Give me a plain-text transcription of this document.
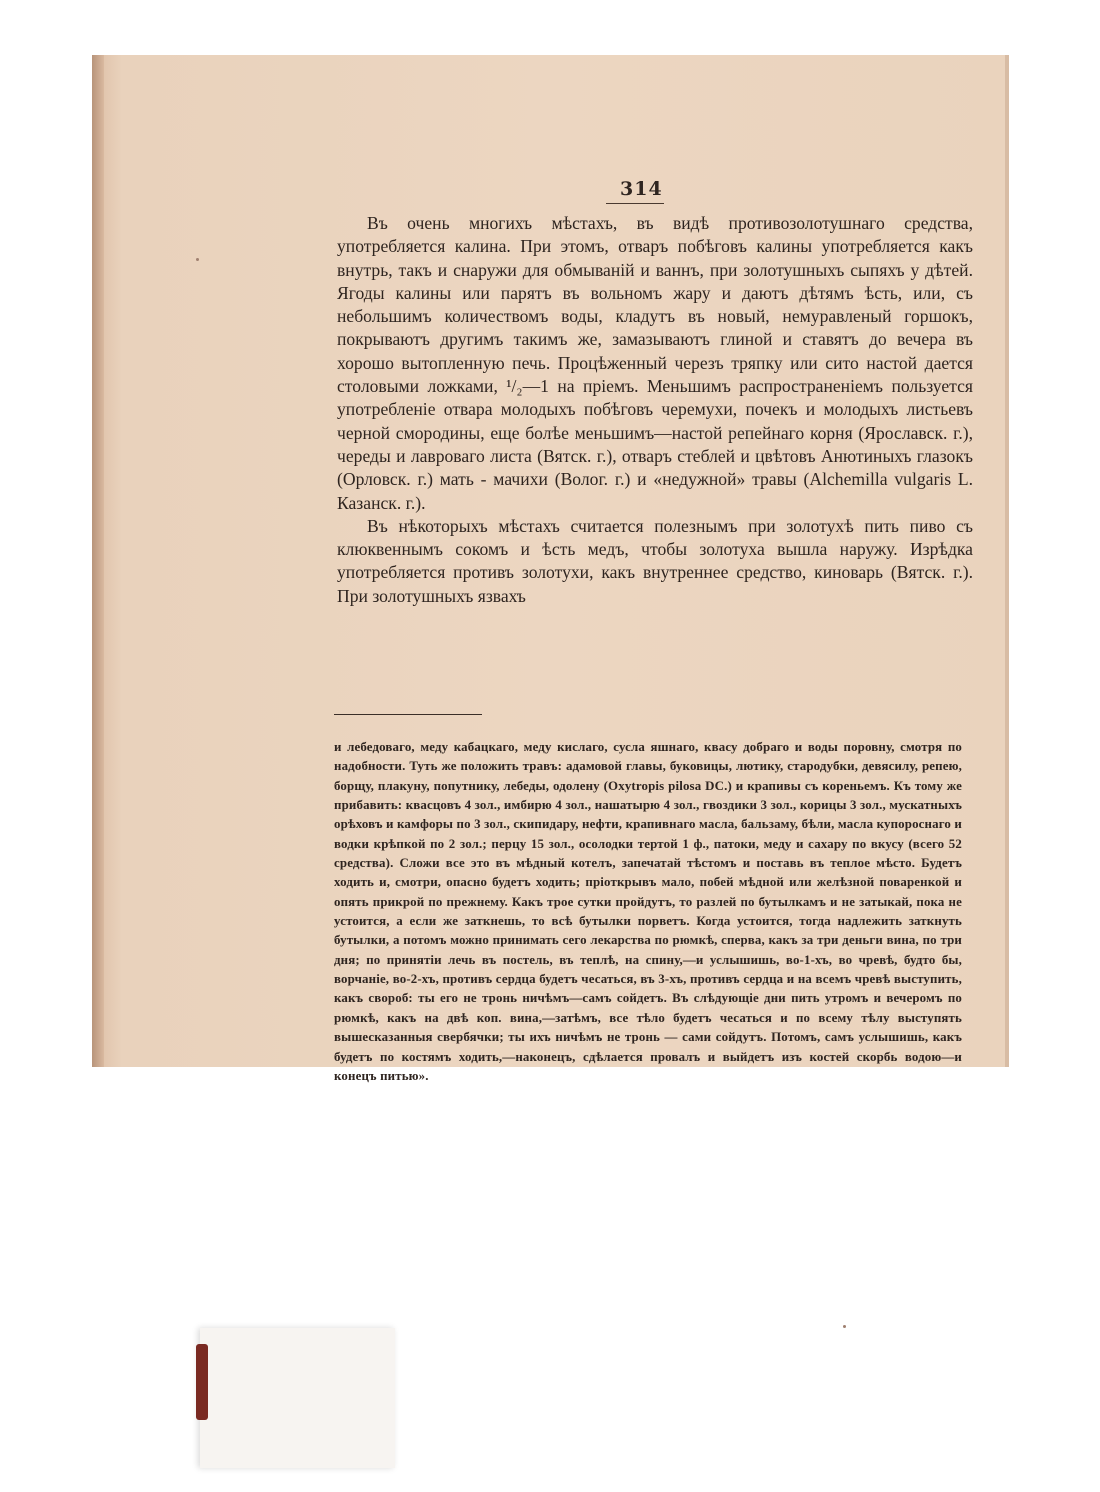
314

Въ очень многихъ мѣстахъ, въ видѣ противозолотушнаго средства, употребляется калина. При этомъ, отваръ побѣговъ калины употребляется какъ внутрь, такъ и снаружи для обмываній и ваннъ, при золотушныхъ сыпяхъ у дѣтей. Ягоды калины или парятъ въ вольномъ жару и даютъ дѣтямъ ѣсть, или, съ небольшимъ количествомъ воды, кладутъ въ новый, немуравленый горшокъ, покрываютъ другимъ такимъ же, замазываютъ глиной и ставятъ до вечера въ хорошо вытопленную печь. Процѣженный черезъ тряпку или сито настой дается столовыми ложками, ¹/₂—1 на пріемъ. Меньшимъ распространеніемъ пользуется употребленіе отвара молодыхъ побѣговъ черемухи, почекъ и молодыхъ листьевъ черной смородины, еще болѣе меньшимъ—настой репейнаго корня (Ярославск. г.), череды и лавроваго листа (Вятск. г.), отваръ стеблей и цвѣтовъ Анютиныхъ глазокъ (Орловск. г.) мать - мачихи (Волог. г.) и «недужной» травы (Alchemilla vulgaris L. Казанск. г.).

Въ нѣкоторыхъ мѣстахъ считается полезнымъ при золотухѣ пить пиво съ клюквеннымъ сокомъ и ѣсть медъ, чтобы золотуха вышла наружу. Изрѣдка употребляется противъ золотухи, какъ внутреннее средство, киноварь (Вятск. г.). При золотушныхъ язвахъ

и лебедоваго, меду кабацкаго, меду кислаго, сусла яшнаго, квасу добраго и воды поровну, смотря по надобности. Туть же положить травъ: адамовой главы, буковицы, лютику, стародубки, девясилу, репею, борщу, плакуну, попутнику, лебеды, одолену (Oxytropis pilosa DC.) и крапивы съ кореньемъ. Къ тому же прибавить: квасцовъ 4 зол., имбирю 4 зол., нашатырю 4 зол., гвоздики 3 зол., корицы 3 зол., мускатныхъ орѣховъ и камфоры по 3 зол., скипидару, нефти, крапивнаго масла, бальзаму, бѣли, масла купороснаго и водки крѣпкой по 2 зол.; перцу 15 зол., осолодки тертой 1 ф., патоки, меду и сахару по вкусу (всего 52 средства). Сложи все это въ мѣдный котелъ, запечатай тѣстомъ и поставь въ теплое мѣсто. Будетъ ходить и, смотри, опасно будетъ ходить; пріоткрывъ мало, побей мѣдной или желѣзной поваренкой и опять прикрой по прежнему. Какъ трое сутки пройдутъ, то разлей по бутылкамъ и не затыкай, пока не устоится, а если же заткнешь, то всѣ бутылки порветъ. Когда устоится, тогда надлежить заткнуть бутылки, а потомъ можно принимать сего лекарства по рюмкѣ, сперва, какъ за три деньги вина, по три дня; по принятіи лечь въ постель, въ теплѣ, на спину,—и услышишь, во-1-хъ, во чревѣ, будто бы, ворчаніе, во-2-хъ, противъ сердца будетъ чесаться, въ 3-хъ, противъ сердца и на всемъ чревѣ выступить, какъ свороб: ты его не тронь ничѣмъ—самъ сойдетъ. Въ слѣдующіе дни пить утромъ и вечеромъ по рюмкѣ, какъ на двѣ коп. вина,—затѣмъ, все тѣло будетъ чесаться и по всему тѣлу выступять вышесказанныя свербячки; ты ихъ ничѣмъ не тронь — сами сойдутъ. Потомъ, самъ услышишь, какъ будетъ по костямъ ходить,—наконецъ, сдѣлается провалъ и выйдетъ изъ костей скорбь водою—и конецъ питью».
